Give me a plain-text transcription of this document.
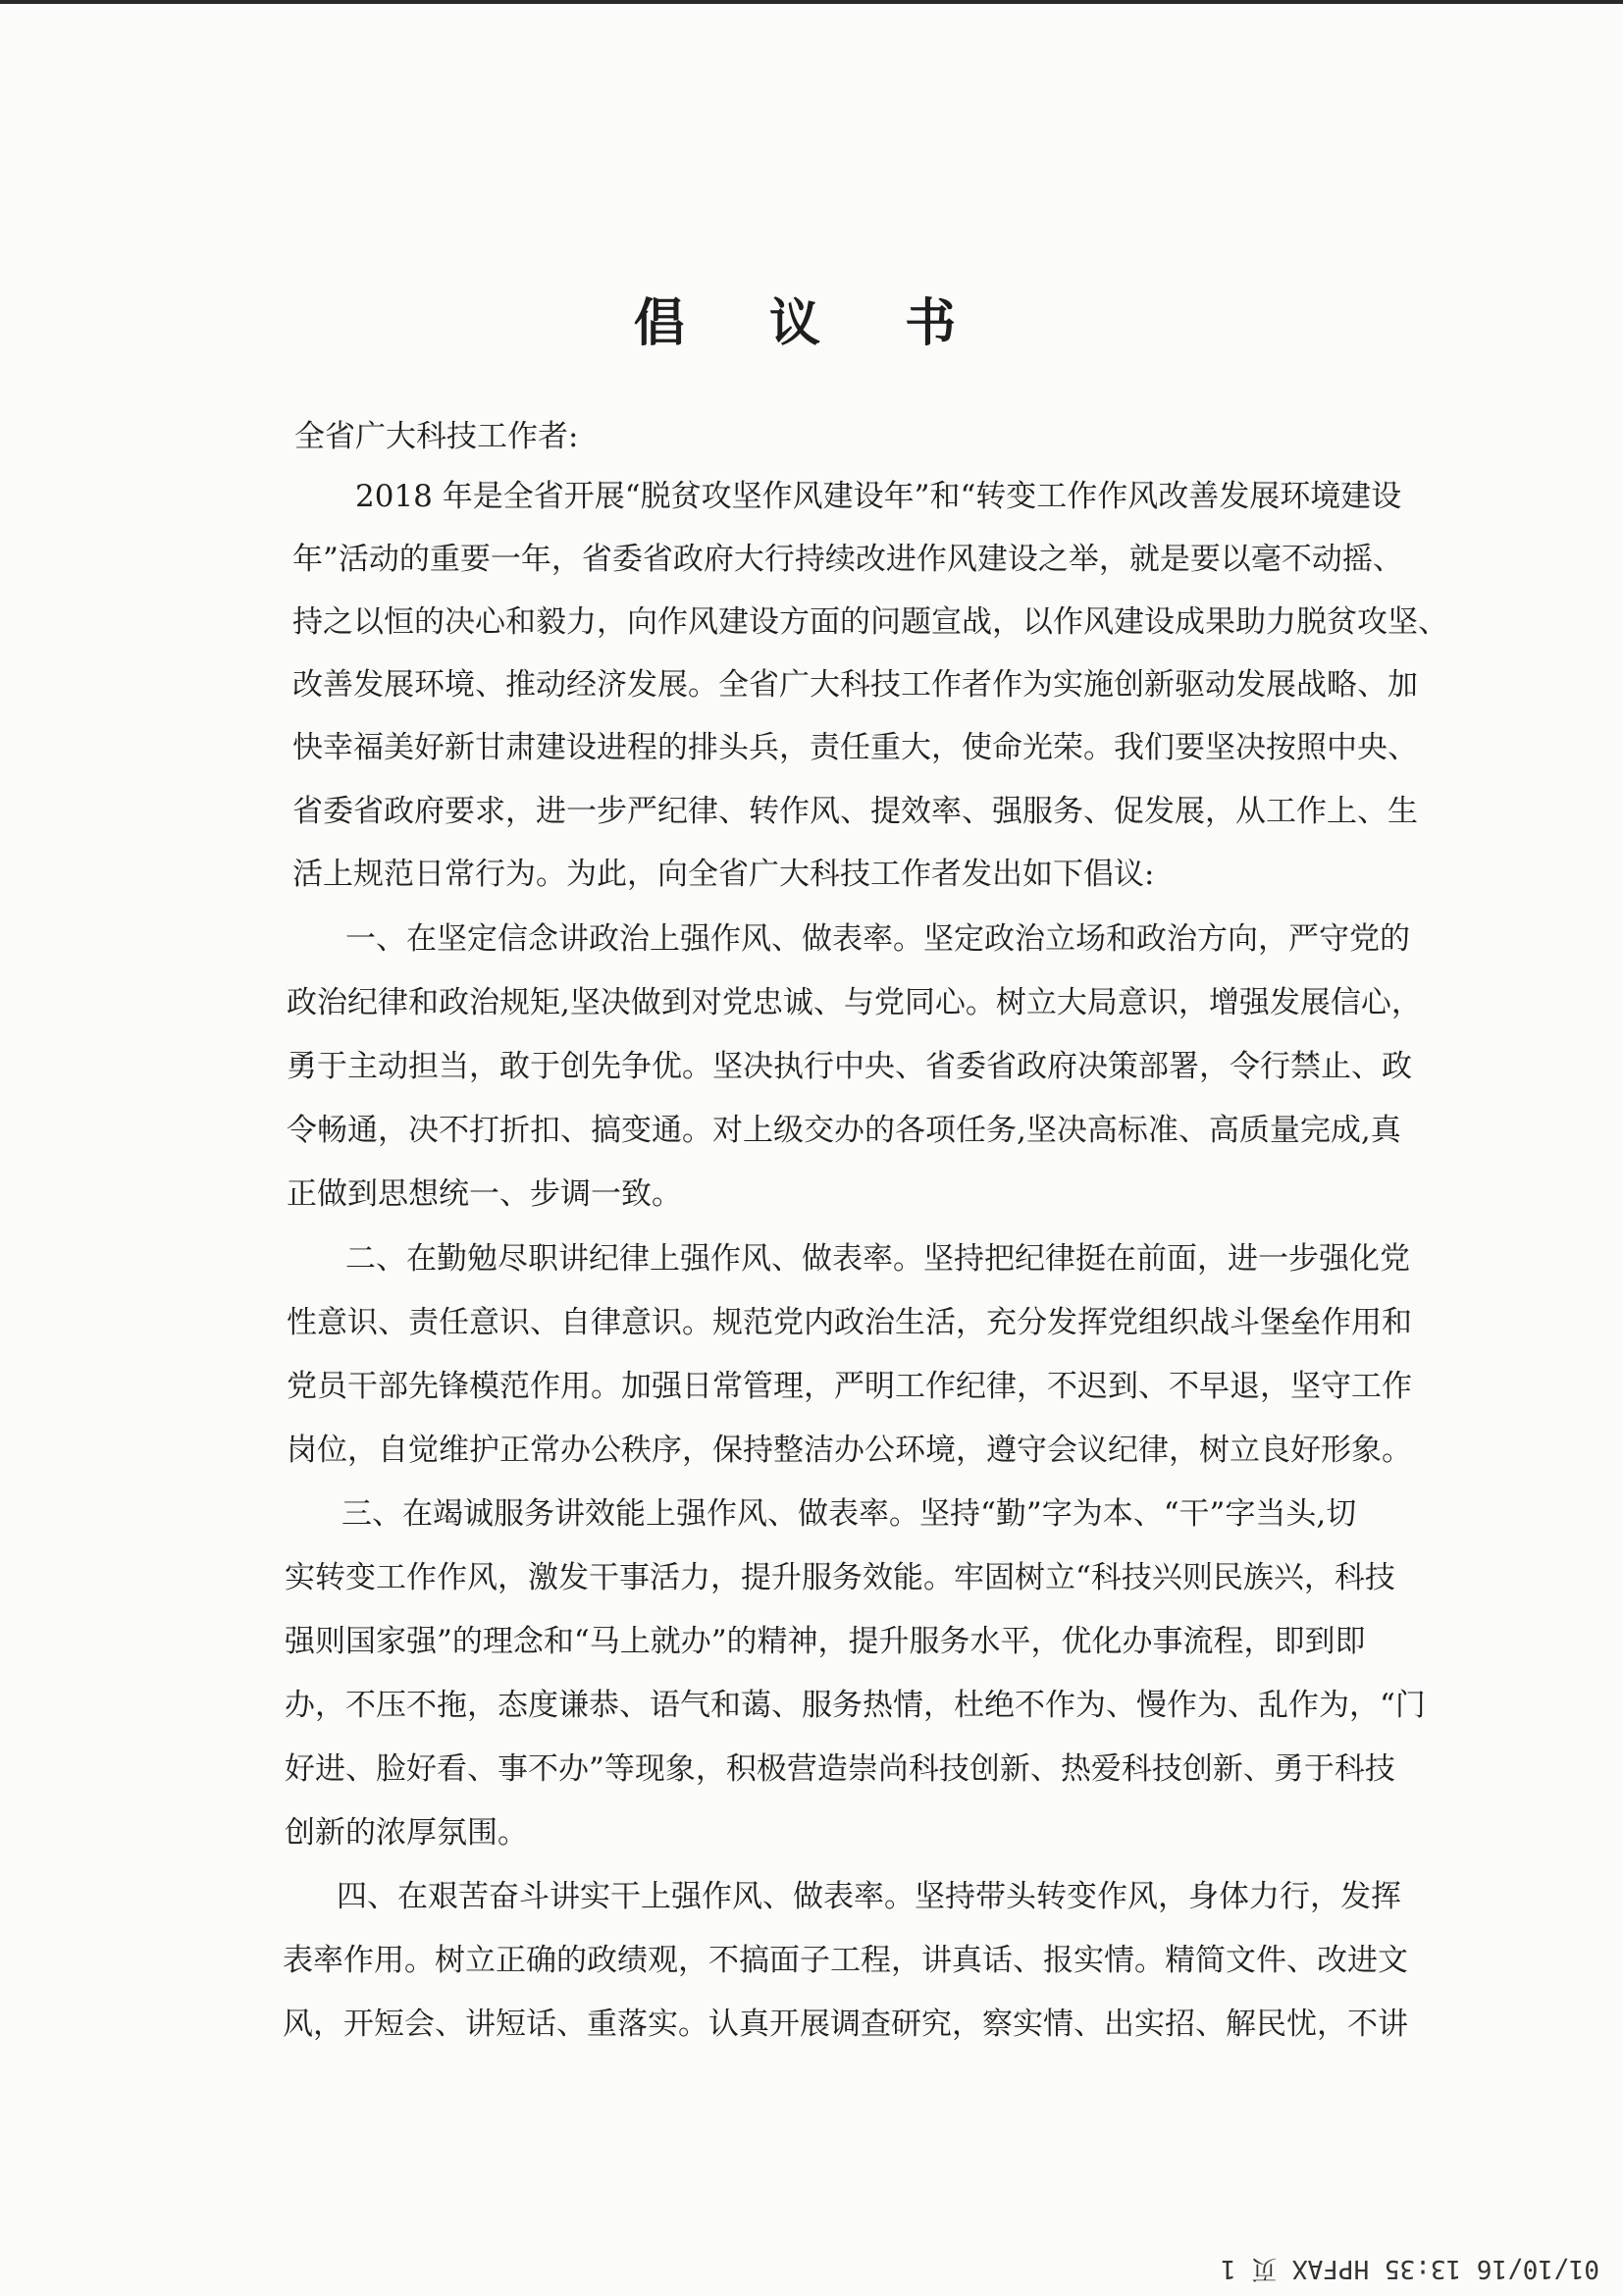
倡 议 书
全省广大科技工作者:
2018 年是全省开展“脱贫攻坚作风建设年”和“转变工作作风改善发展环境建设
年”活动的重要一年，省委省政府大行持续改进作风建设之举，就是要以毫不动摇、
持之以恒的决心和毅力，向作风建设方面的问题宣战，以作风建设成果助力脱贫攻坚、
改善发展环境、推动经济发展。全省广大科技工作者作为实施创新驱动发展战略、加
快幸福美好新甘肃建设进程的排头兵，责任重大，使命光荣。我们要坚决按照中央、
省委省政府要求，进一步严纪律、转作风、提效率、强服务、促发展，从工作上、生
活上规范日常行为。为此，向全省广大科技工作者发出如下倡议:
一、在坚定信念讲政治上强作风、做表率。坚定政治立场和政治方向，严守党的
政治纪律和政治规矩,坚决做到对党忠诚、与党同心。树立大局意识，增强发展信心，
勇于主动担当，敢于创先争优。坚决执行中央、省委省政府决策部署，令行禁止、政
令畅通，决不打折扣、搞变通。对上级交办的各项任务,坚决高标准、高质量完成,真
正做到思想统一、步调一致。
二、在勤勉尽职讲纪律上强作风、做表率。坚持把纪律挺在前面，进一步强化党
性意识、责任意识、自律意识。规范党内政治生活，充分发挥党组织战斗堡垒作用和
党员干部先锋模范作用。加强日常管理，严明工作纪律，不迟到、不早退，坚守工作
岗位，自觉维护正常办公秩序，保持整洁办公环境，遵守会议纪律，树立良好形象。
三、在竭诚服务讲效能上强作风、做表率。坚持“勤”字为本、“干”字当头,切
实转变工作作风，激发干事活力，提升服务效能。牢固树立“科技兴则民族兴，科技
强则国家强”的理念和“马上就办”的精神，提升服务水平，优化办事流程，即到即
办，不压不拖，态度谦恭、语气和蔼、服务热情，杜绝不作为、慢作为、乱作为，“门
好进、脸好看、事不办”等现象，积极营造崇尚科技创新、热爱科技创新、勇于科技
创新的浓厚氛围。
四、在艰苦奋斗讲实干上强作风、做表率。坚持带头转变作风，身体力行，发挥
表率作用。树立正确的政绩观，不搞面子工程，讲真话、报实情。精简文件、改进文
风，开短会、讲短话、重落实。认真开展调查研究，察实情、出实招、解民忧，不讲
01/10/16 13:35 HPFAX 页 1
